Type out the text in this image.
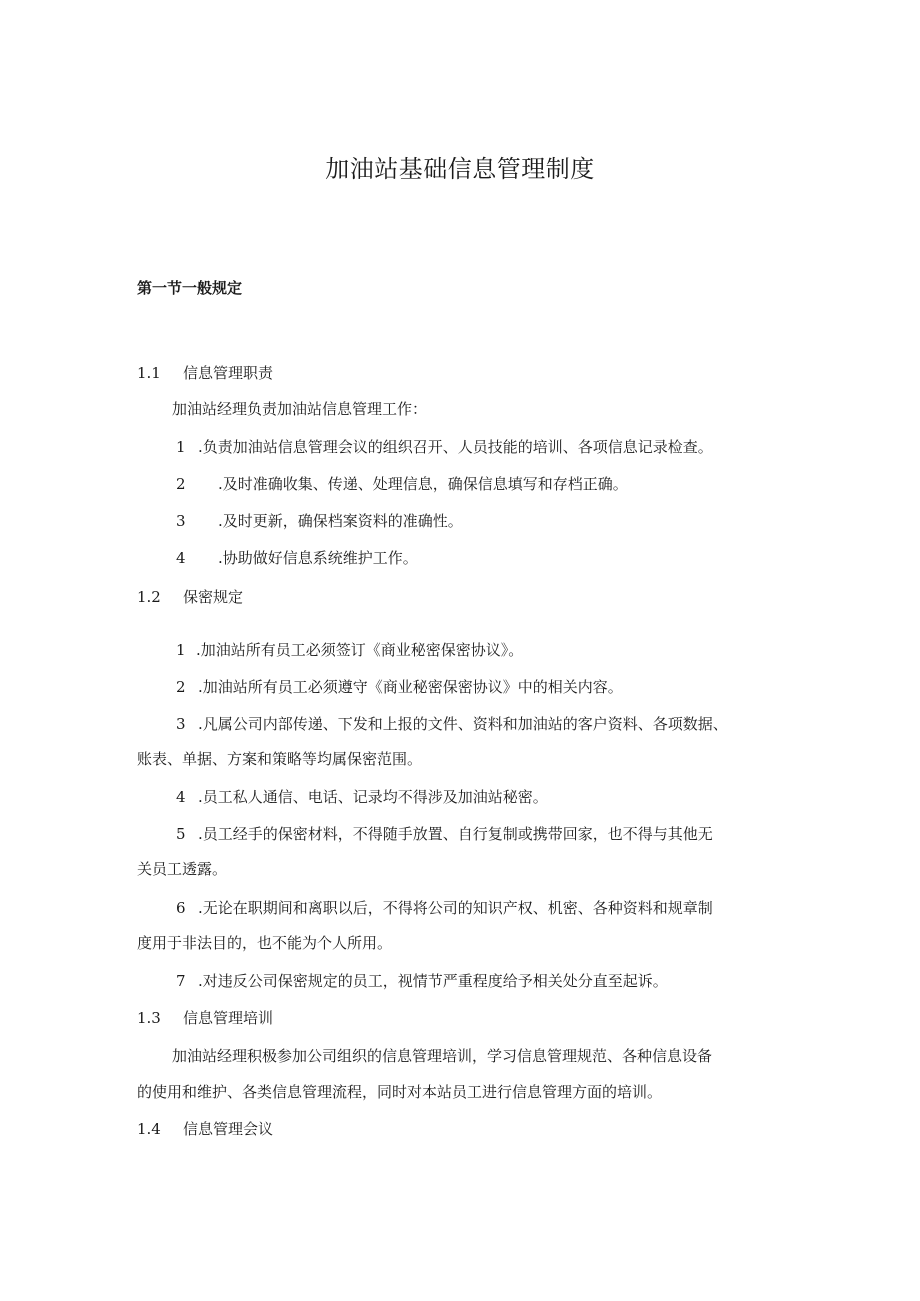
加油站基础信息管理制度
第一节一般规定
1.1 信息管理职责
加油站经理负责加油站信息管理工作：
1 .负责加油站信息管理会议的组织召开、人员技能的培训、各项信息记录检查。
2 .及时准确收集、传递、处理信息，确保信息填写和存档正确。
3 .及时更新，确保档案资料的准确性。
4 .协助做好信息系统维护工作。
1.2 保密规定
1 .加油站所有员工必须签订《商业秘密保密协议》。
2 .加油站所有员工必须遵守《商业秘密保密协议》中的相关内容。
3 .凡属公司内部传递、下发和上报的文件、资料和加油站的客户资料、各项数据、
账表、单据、方案和策略等均属保密范围。
4 .员工私人通信、电话、记录均不得涉及加油站秘密。
5 .员工经手的保密材料，不得随手放置、自行复制或携带回家，也不得与其他无
关员工透露。
6 .无论在职期间和离职以后，不得将公司的知识产权、机密、各种资料和规章制
度用于非法目的，也不能为个人所用。
7 .对违反公司保密规定的员工，视情节严重程度给予相关处分直至起诉。
1.3 信息管理培训
加油站经理积极参加公司组织的信息管理培训，学习信息管理规范、各种信息设备
的使用和维护、各类信息管理流程，同时对本站员工进行信息管理方面的培训。
1.4 信息管理会议
